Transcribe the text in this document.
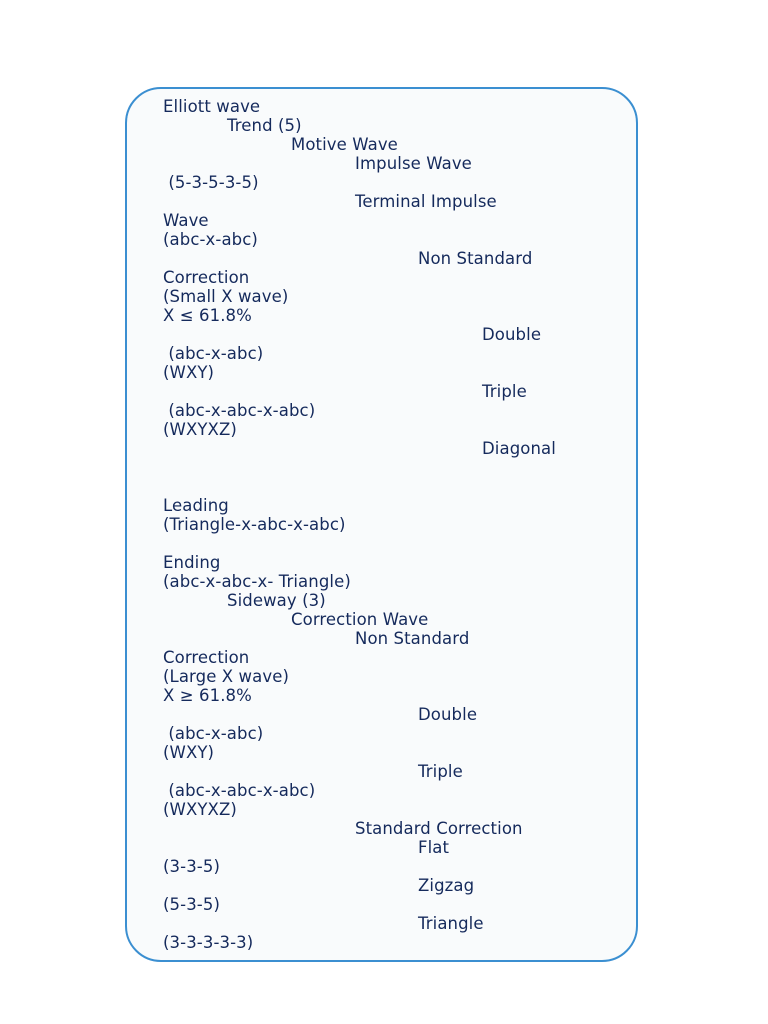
Elliott wave
Trend (5)
Motive Wave
Impulse Wave
(5-3-5-3-5)
Terminal Impulse
Wave
(abc-x-abc)
Non Standard
Correction
(Small X wave)
X ≤ 61.8%
Double
(abc-x-abc)
(WXY)
Triple
(abc-x-abc-x-abc)
(WXYXZ)
Diagonal
Leading
(Triangle-x-abc-x-abc)
Ending
(abc-x-abc-x- Triangle)
Sideway (3)
Correction Wave
Non Standard
Correction
(Large X wave)
X ≥ 61.8%
Double
(abc-x-abc)
(WXY)
Triple
(abc-x-abc-x-abc)
(WXYXZ)
Standard Correction
Flat
(3-3-5)
Zigzag
(5-3-5)
Triangle
(3-3-3-3-3)
